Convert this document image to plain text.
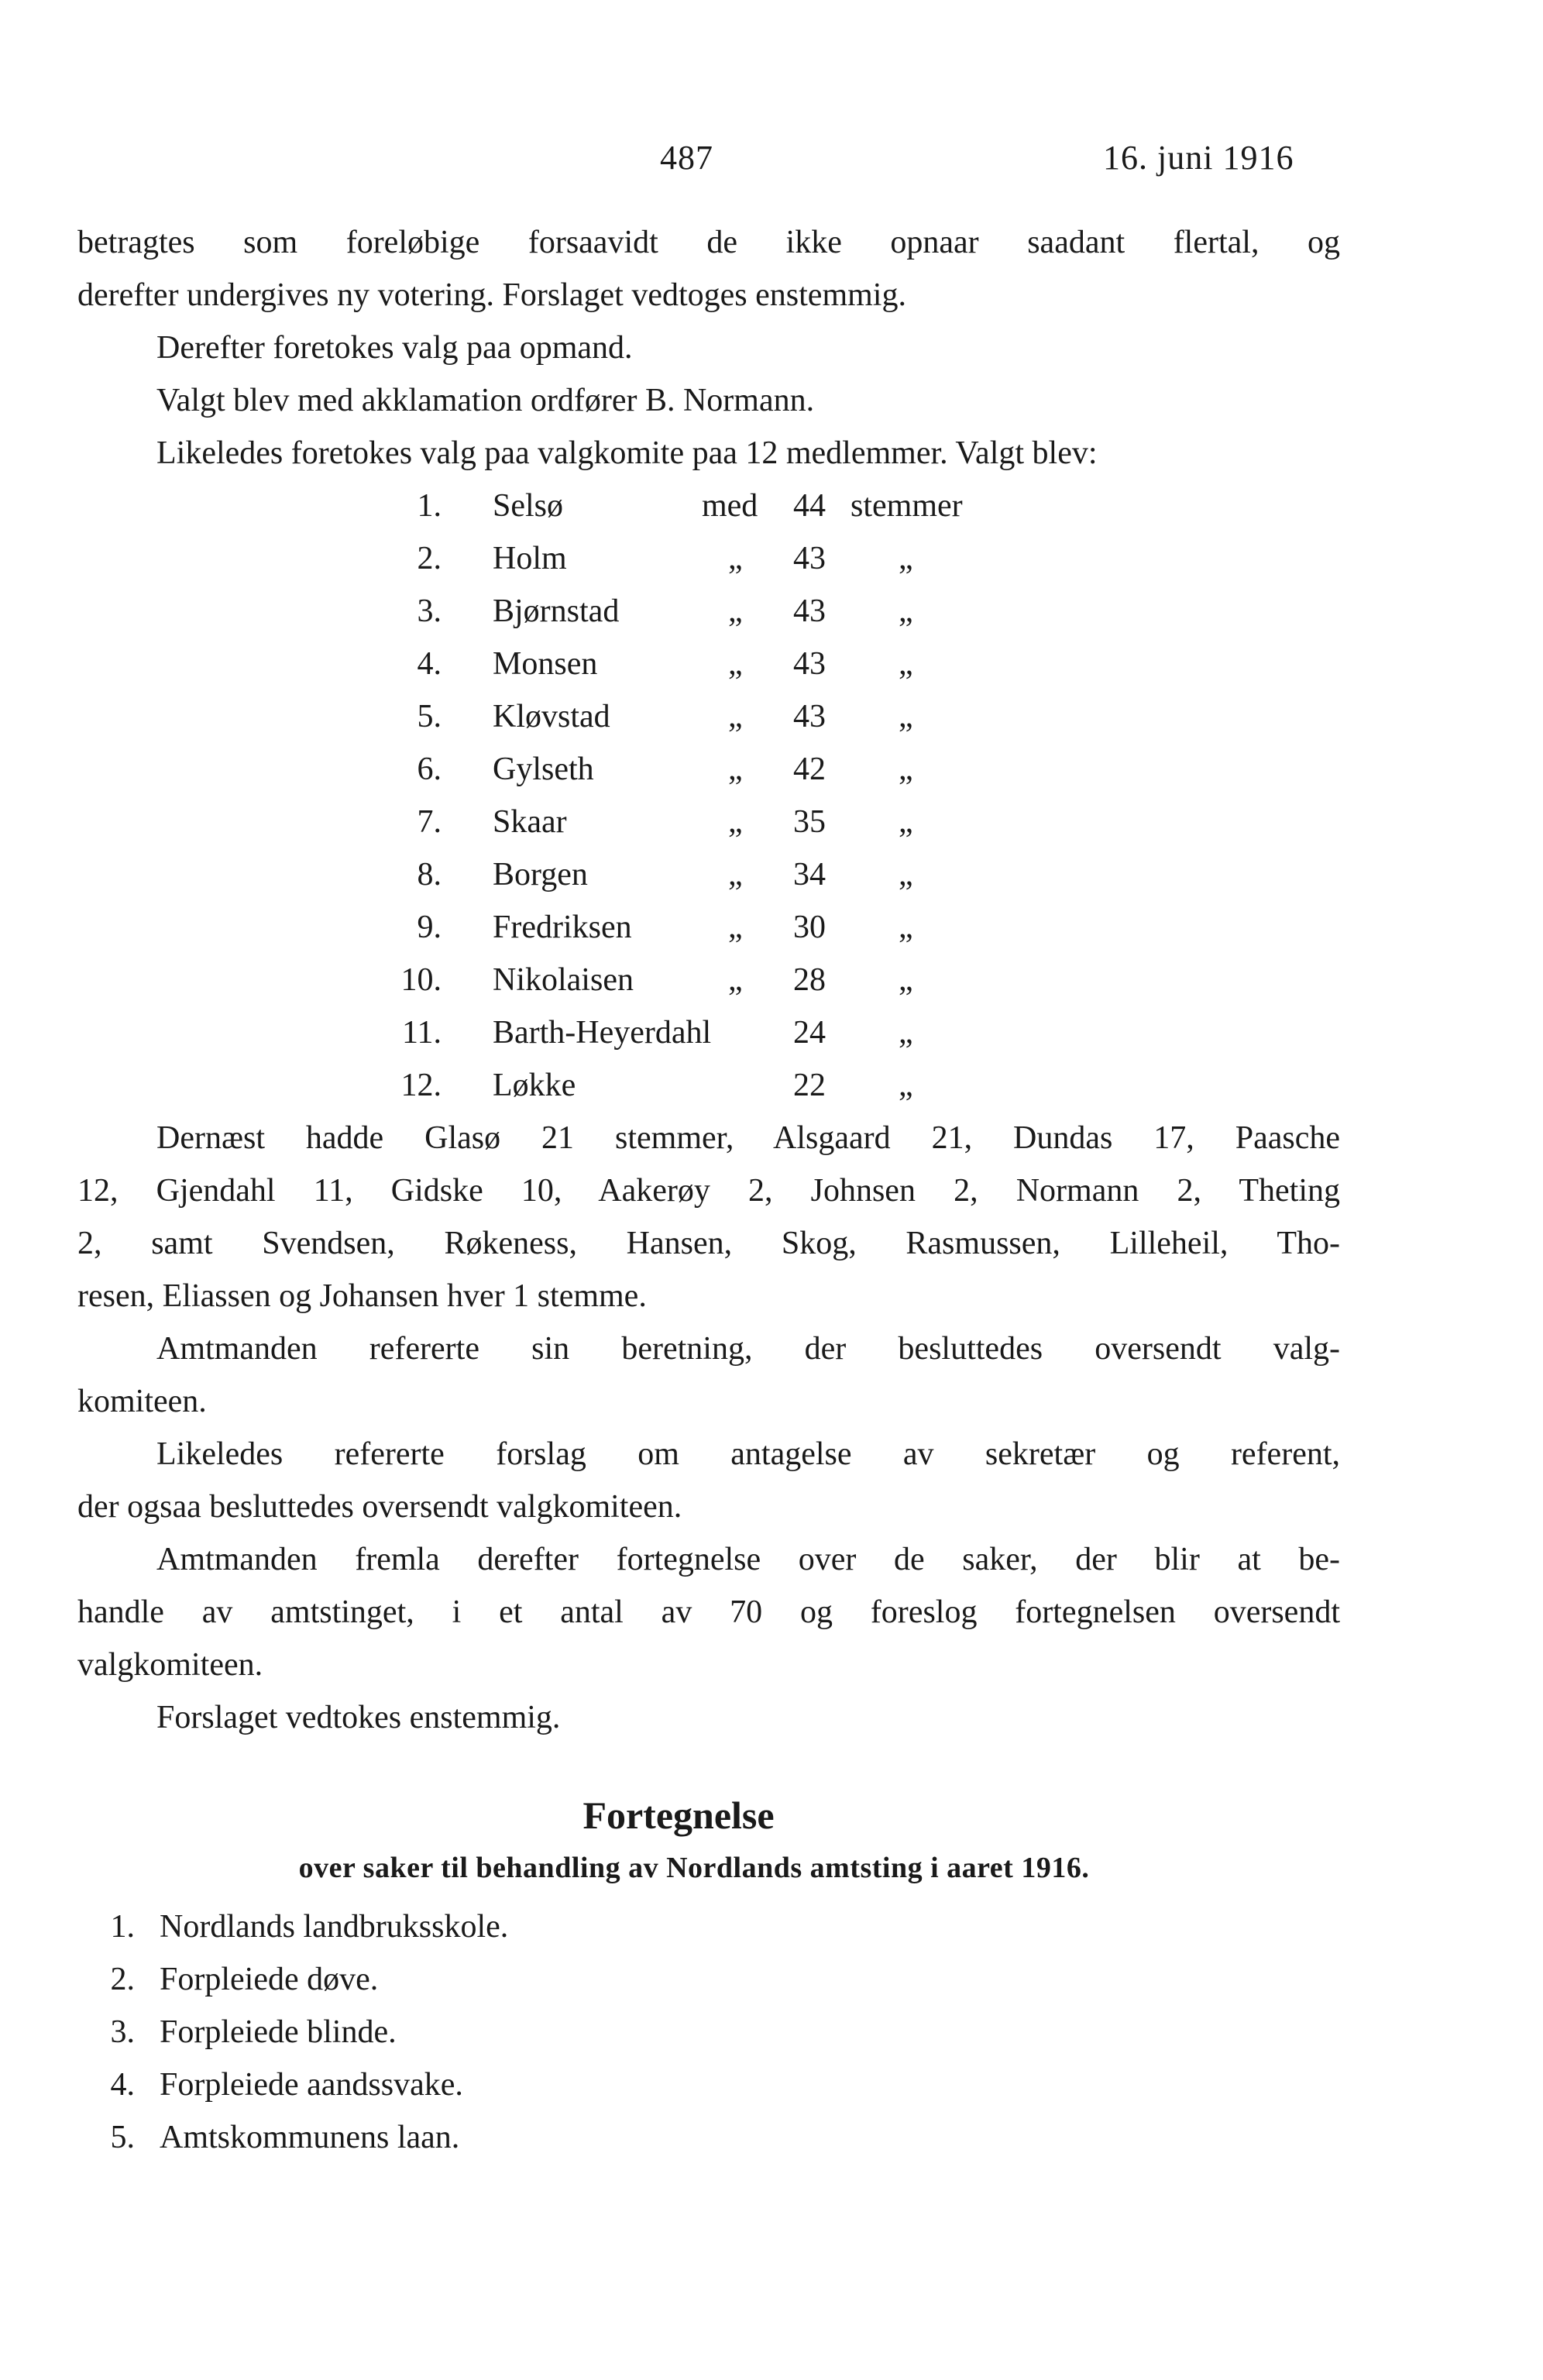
487	16. juni 1916
betragtes som foreløbige forsaavidt de ikke opnaar saadant flertal, og
derefter undergives ny votering. Forslaget vedtoges enstemmig.
Derefter foretokes valg paa opmand.
Valgt blev med akklamation ordfører B. Normann.
Likeledes foretokes valg paa valgkomite paa 12 medlemmer. Valgt blev:
1. Selsø	med 44 stemmer
2. Holm	„ 43 „
3. Bjørnstad	„ 43 „
4. Monsen	„ 43 „
5. Kløvstad	„ 43 „
6. Gylseth	„ 42 „
7. Skaar	„ 35 „
8. Borgen	„ 34 „
9. Fredriksen	„ 30 „
10. Nikolaisen	„ 28 „
11. Barth-Heyerdahl	24 „
12. Løkke	22 „
Dernæst hadde Glasø 21 stemmer, Alsgaard 21, Dundas 17, Paasche
12, Gjendahl 11, Gidske 10, Aakerøy 2, Johnsen 2, Normann 2, Theting
2, samt Svendsen, Røkeness, Hansen, Skog, Rasmussen, Lilleheil, Tho-
resen, Eliassen og Johansen hver 1 stemme.
Amtmanden refererte sin beretning, der besluttedes oversendt valg-
komiteen.
Likeledes refererte forslag om antagelse av sekretær og referent,
der ogsaa besluttedes oversendt valgkomiteen.
Amtmanden fremla derefter fortegnelse over de saker, der blir at be-
handle av amtstinget, i et antal av 70 og foreslog fortegnelsen oversendt
valgkomiteen.
Forslaget vedtokes enstemmig.
Fortegnelse
over saker til behandling av Nordlands amtsting i aaret 1916.
1. Nordlands landbruksskole.
2. Forpleiede døve.
3. Forpleiede blinde.
4. Forpleiede aandssvake.
5. Amtskommunens laan.
